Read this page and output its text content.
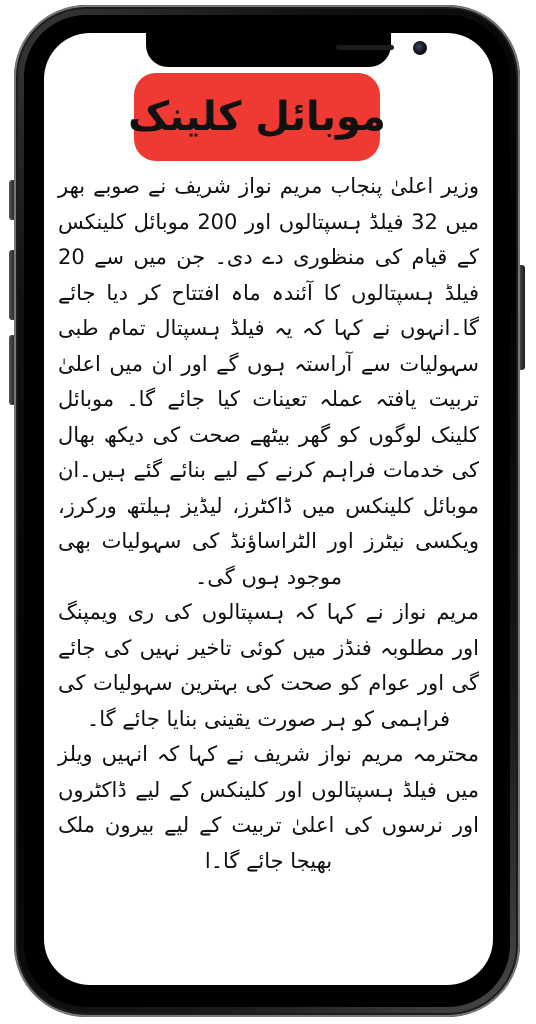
موبائل کلینک

وزیر اعلیٰ پنجاب مریم نواز شریف نے صوبے بھر میں 32 فیلڈ ہسپتالوں اور 200 موبائل کلینکس کے قیام کی منظوری دے دی۔ جن میں سے 20 فیلڈ ہسپتالوں کا آئندہ ماہ افتتاح کر دیا جائے گا۔انہوں نے کہا کہ یہ فیلڈ ہسپتال تمام طبی سہولیات سے آراستہ ہوں گے اور ان میں اعلیٰ تربیت یافتہ عملہ تعینات کیا جائے گا۔ موبائل کلینک لوگوں کو گھر بیٹھے صحت کی دیکھ بھال کی خدمات فراہم کرنے کے لیے بنائے گئے ہیں۔ان موبائل کلینکس میں ڈاکٹرز، لیڈیز ہیلتھ ورکرز، ویکسی نیٹرز اور الٹراساؤنڈ کی سہولیات بھی موجود ہوں گی۔

مریم نواز نے کہا کہ ہسپتالوں کی ری ویمپنگ اور مطلوبہ فنڈز میں کوئی تاخیر نہیں کی جائے گی اور عوام کو صحت کی بہترین سہولیات کی فراہمی کو ہر صورت یقینی بنایا جائے گا۔

محترمہ مریم نواز شریف نے کہا کہ انہیں ویلز میں فیلڈ ہسپتالوں اور کلینکس کے لیے ڈاکٹروں اور نرسوں کی اعلیٰ تربیت کے لیے بیرون ملک بھیجا جائے گا۔ا
